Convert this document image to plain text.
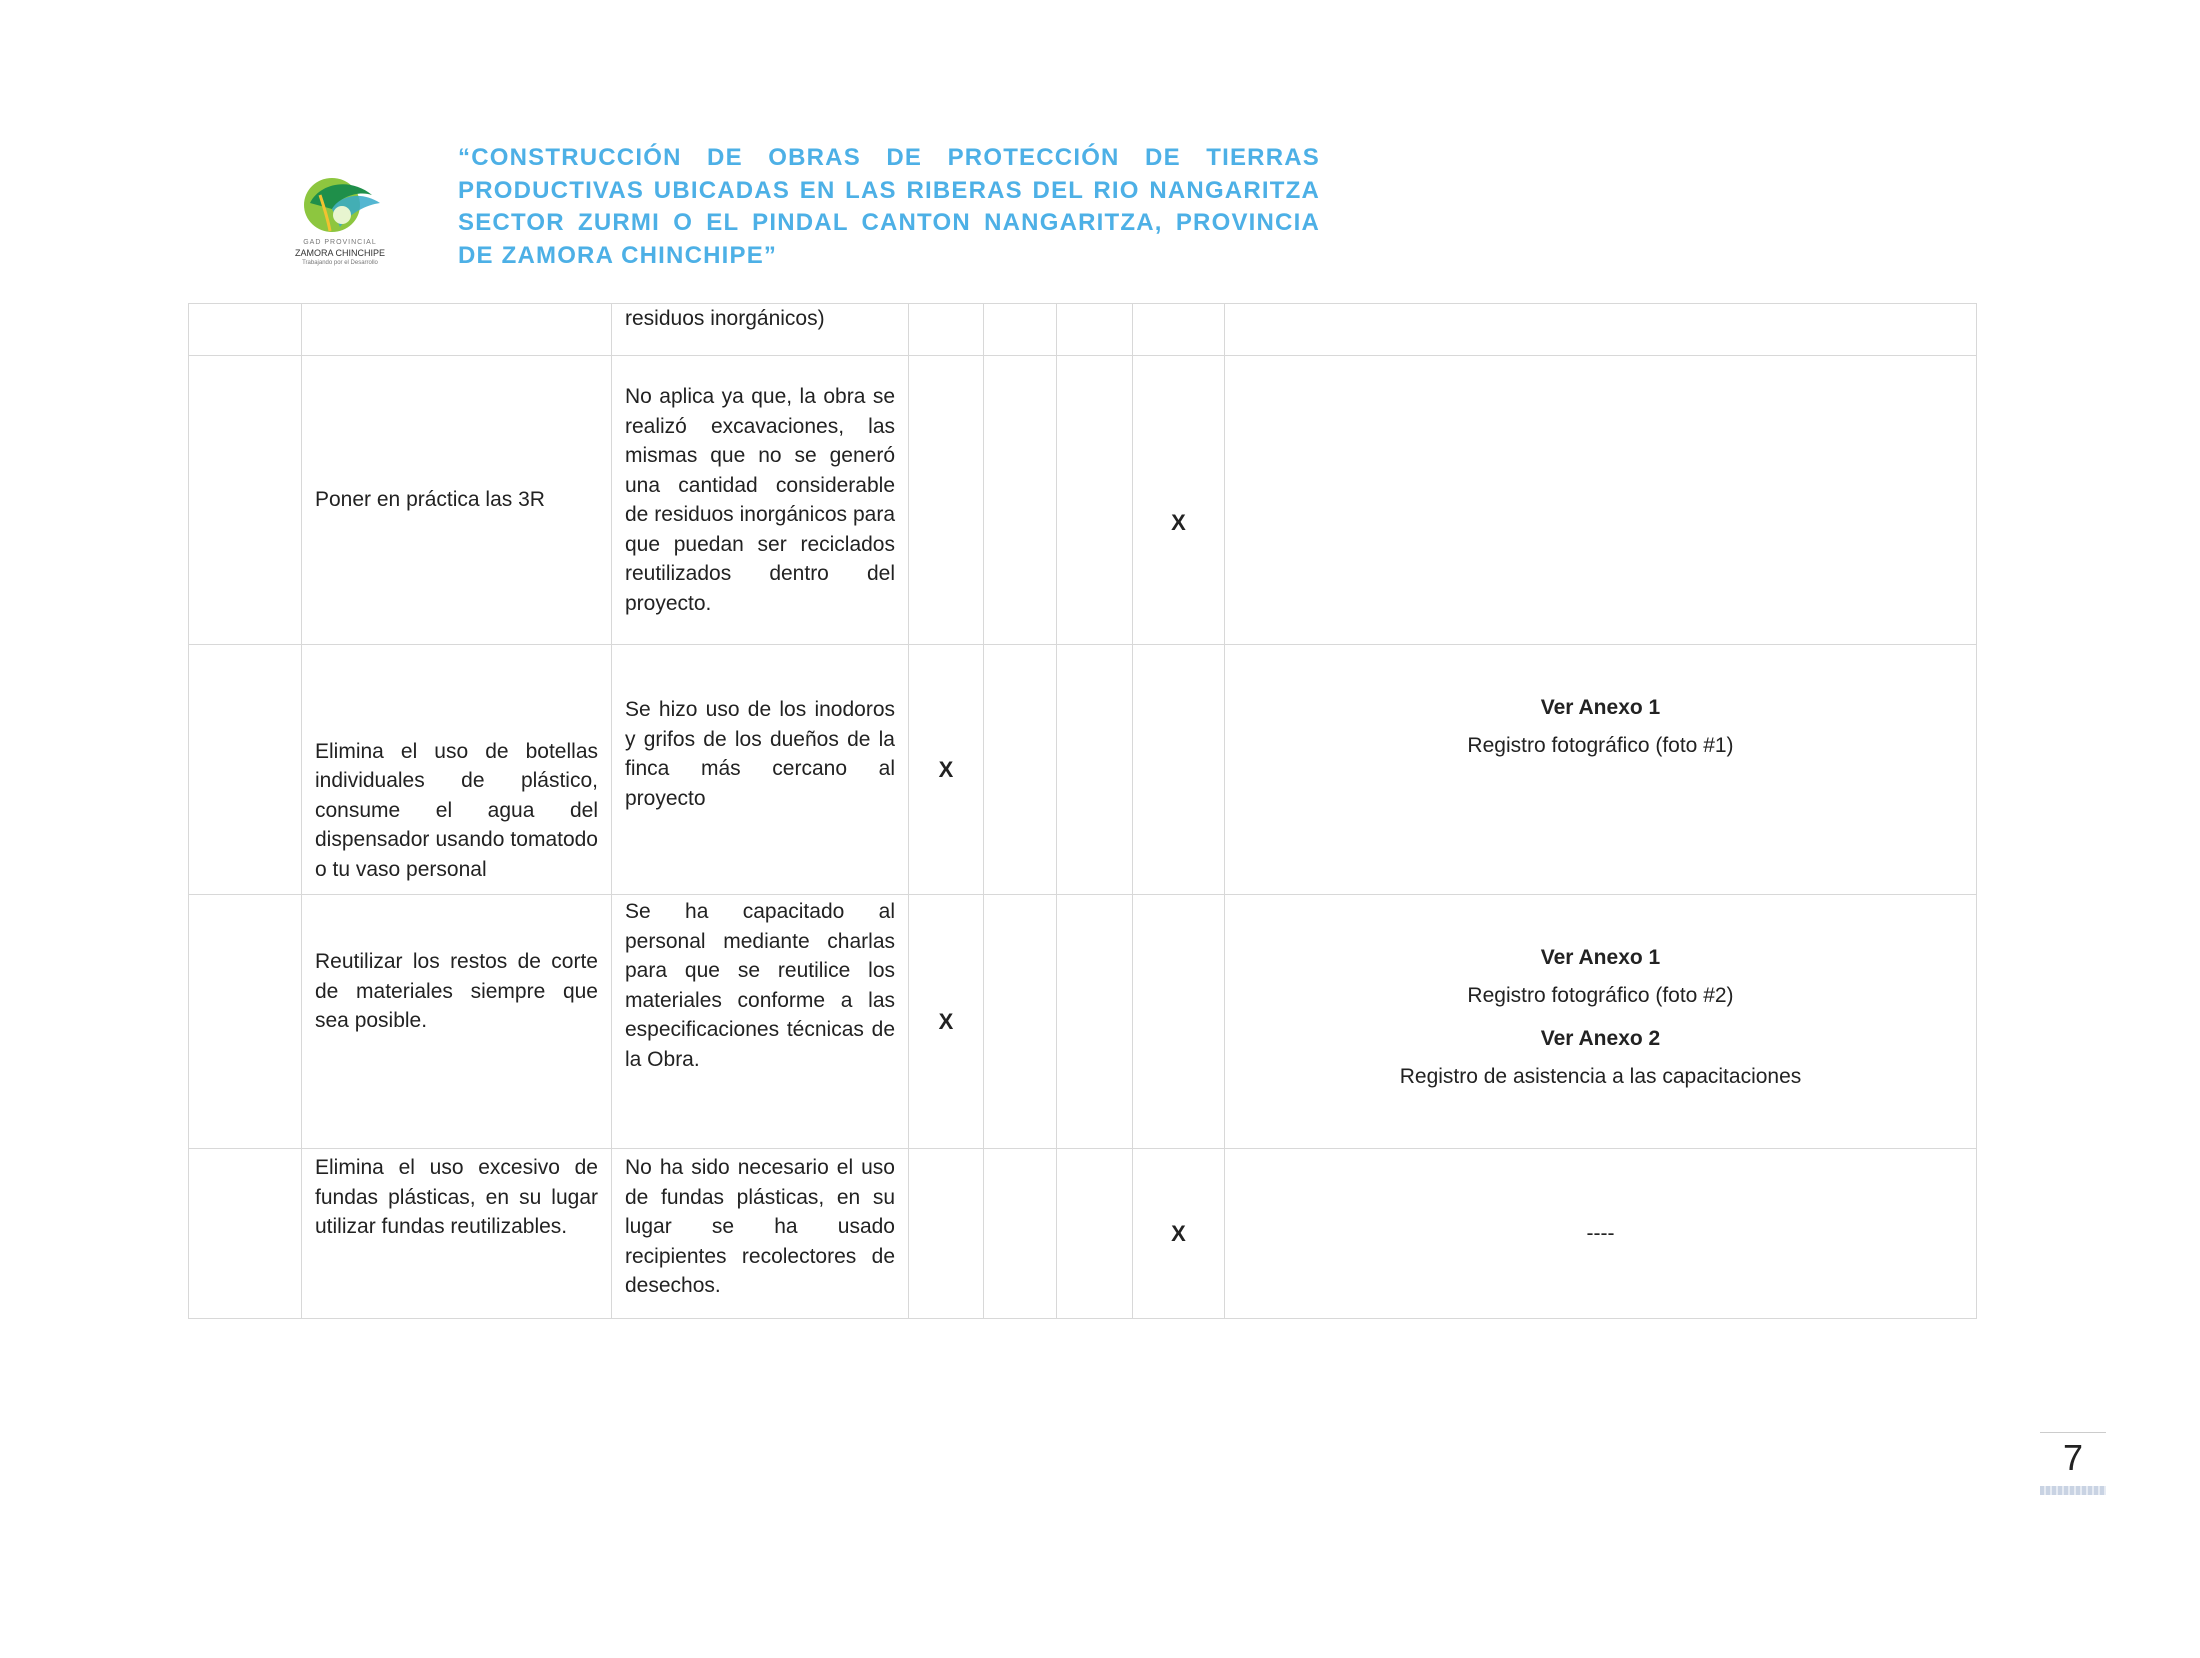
GAD PROVINCIAL
ZAMORA CHINCHIPE
Trabajando por el Desarrollo
“CONSTRUCCIÓN DE OBRAS DE PROTECCIÓN DE TIERRAS PRODUCTIVAS UBICADAS EN LAS RIBERAS DEL RIO NANGARITZA SECTOR ZURMI O EL PINDAL CANTON NANGARITZA, PROVINCIA DE ZAMORA CHINCHIPE”
		residuos inorgánicos)					
	Poner en práctica las 3R	No aplica ya que, la obra se realizó excavaciones, las mismas que no se generó una cantidad considerable de residuos inorgánicos para que puedan ser reciclados reutilizados dentro del proyecto.				X	
	Elimina el uso de botellas individuales de plástico, consume el agua del dispensador usando tomatodo o tu vaso personal	Se hizo uso de los inodoros y grifos de los dueños de la finca más cercano al proyecto	X				Ver Anexo 1
Registro fotográfico (foto #1)

	Reutilizar los restos de corte de materiales siempre que sea posible.	Se ha capacitado al personal mediante charlas para que se reutilice los materiales conforme a las especificaciones técnicas de la Obra.	X				Ver Anexo 1
Registro fotográfico (foto #2)
Ver Anexo 2
Registro de asistencia a las capacitaciones

	Elimina el uso excesivo de fundas plásticas, en su lugar utilizar fundas reutilizables.	No ha sido necesario el uso de fundas plásticas, en su lugar se ha usado recipientes recolectores de desechos.				X	----
7
